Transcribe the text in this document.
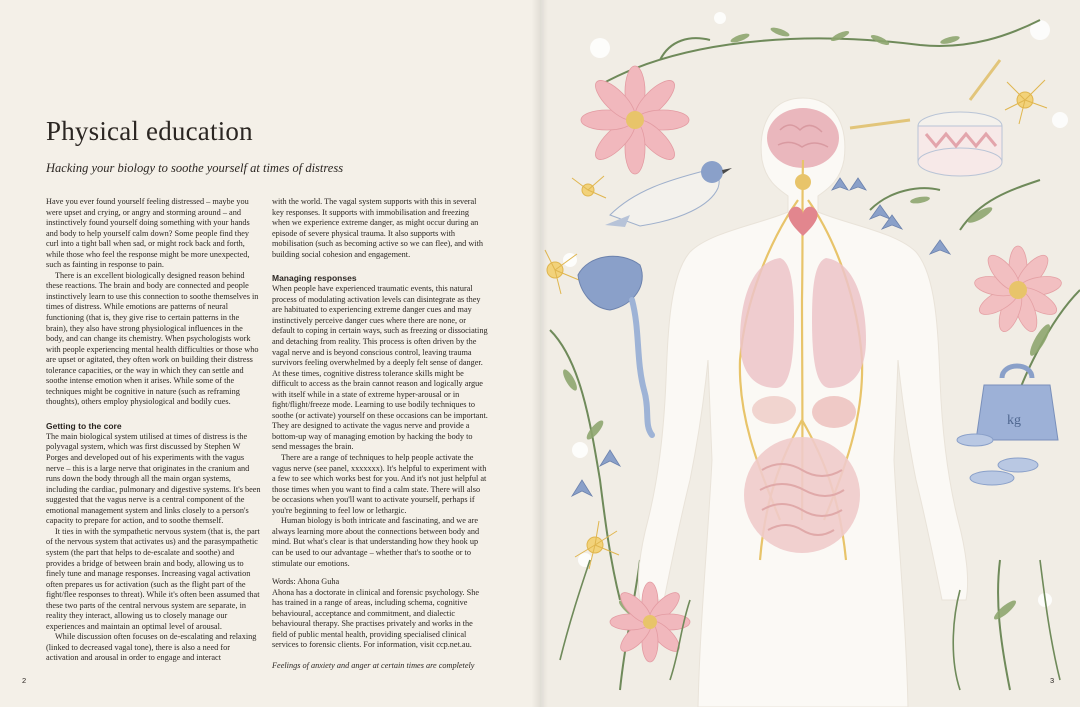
Physical education

Hacking your biology to soothe yourself at times of distress

Have you ever found yourself feeling distressed – maybe you were upset and crying, or angry and storming around – and instinctively found yourself doing something with your hands and body to help yourself calm down? Some people find they curl into a tight ball when sad, or might rock back and forth, while those who feel the response might be more unexpected, such as fainting in response to pain.

There is an excellent biologically designed reason behind these reactions. The brain and body are connected and people instinctively learn to use this connection to soothe themselves in times of distress. While emotions are patterns of neural functioning (that is, they give rise to certain patterns in the brain), they also have strong physiological influences in the body, and can change its chemistry. When psychologists work with people experiencing mental health difficulties or those who are upset or agitated, they often work on building their distress tolerance capacities, or the way in which they can settle and soothe intense emotion when it arises. While some of the techniques might be cognitive in nature (such as reframing thoughts), others employ physiological and bodily cues.

Getting to the core

The main biological system utilised at times of distress is the polyvagal system, which was first discussed by Stephen W Porges and developed out of his experiments with the vagus nerve – this is a large nerve that originates in the cranium and runs down the body through all the main organ systems, including the cardiac, pulmonary and digestive systems. It's been suggested that the vagus nerve is a central component of the emotional management system and links closely to a person's capacity to prepare for action, and to soothe themself.

It ties in with the sympathetic nervous system (that is, the part of the nervous system that activates us) and the parasympathetic system (the part that helps to de-escalate and soothe) and provides a bridge of between brain and body, allowing us to finely tune and manage responses. Increasing vagal activation often prepares us for activation (such as the flight part of the fight/flee responses to threat). While it's often been assumed that these two parts of the central nervous system are separate, in reality they interact, allowing us to closely manage our experiences and maintain an optimal level of arousal.

While discussion often focuses on de-escalating and relaxing (linked to decreased vagal tone), there is also a need for activation and arousal in order to engage and interact

with the world. The vagal system supports with this in several key responses. It supports with immobilisation and freezing when we experience extreme danger, as might occur during an episode of severe physical trauma. It also supports with mobilisation (such as becoming active so we can flee), and with building social cohesion and engagement.

Managing responses

When people have experienced traumatic events, this natural process of modulating activation levels can disintegrate as they are habituated to experiencing extreme danger cues and may instinctively perceive danger cues where there are none, or default to coping in certain ways, such as freezing or dissociating and detaching from reality. This process is often driven by the vagal nerve and is beyond conscious control, leaving trauma survivors feeling overwhelmed by a deeply felt sense of danger. At these times, cognitive distress tolerance skills might be difficult to access as the brain cannot reason and logically argue with itself while in a state of extreme hyper-arousal or in fight/flight/freeze mode. Learning to use bodily techniques to soothe (or activate) yourself on these occasions can be important. They are designed to activate the vagus nerve and provide a bottom-up way of managing emotion by hacking the body to send messages the brain.

There are a range of techniques to help people activate the vagus nerve (see panel, xxxxxxx). It's helpful to experiment with a few to see which works best for you. And it's not just helpful at those times when you want to find a calm state. There will also be occasions when you'll want to activate yourself, perhaps if you're beginning to feel low or lethargic.

Human biology is both intricate and fascinating, and we are always learning more about the connections between body and mind. But what's clear is that understanding how they hook up can be used to our advantage – whether that's to soothe or to stimulate our emotions.

Words: Ahona Guha

Ahona has a doctorate in clinical and forensic psychology. She has trained in a range of areas, including schema, cognitive behavioural, acceptance and commitment, and dialectic behavioural therapy. She practises privately and works in the field of public mental health, providing specialised clinical services to forensic clients. For information, visit ccp.net.au.

Feelings of anxiety and anger at certain times are completely

2
kg
3
